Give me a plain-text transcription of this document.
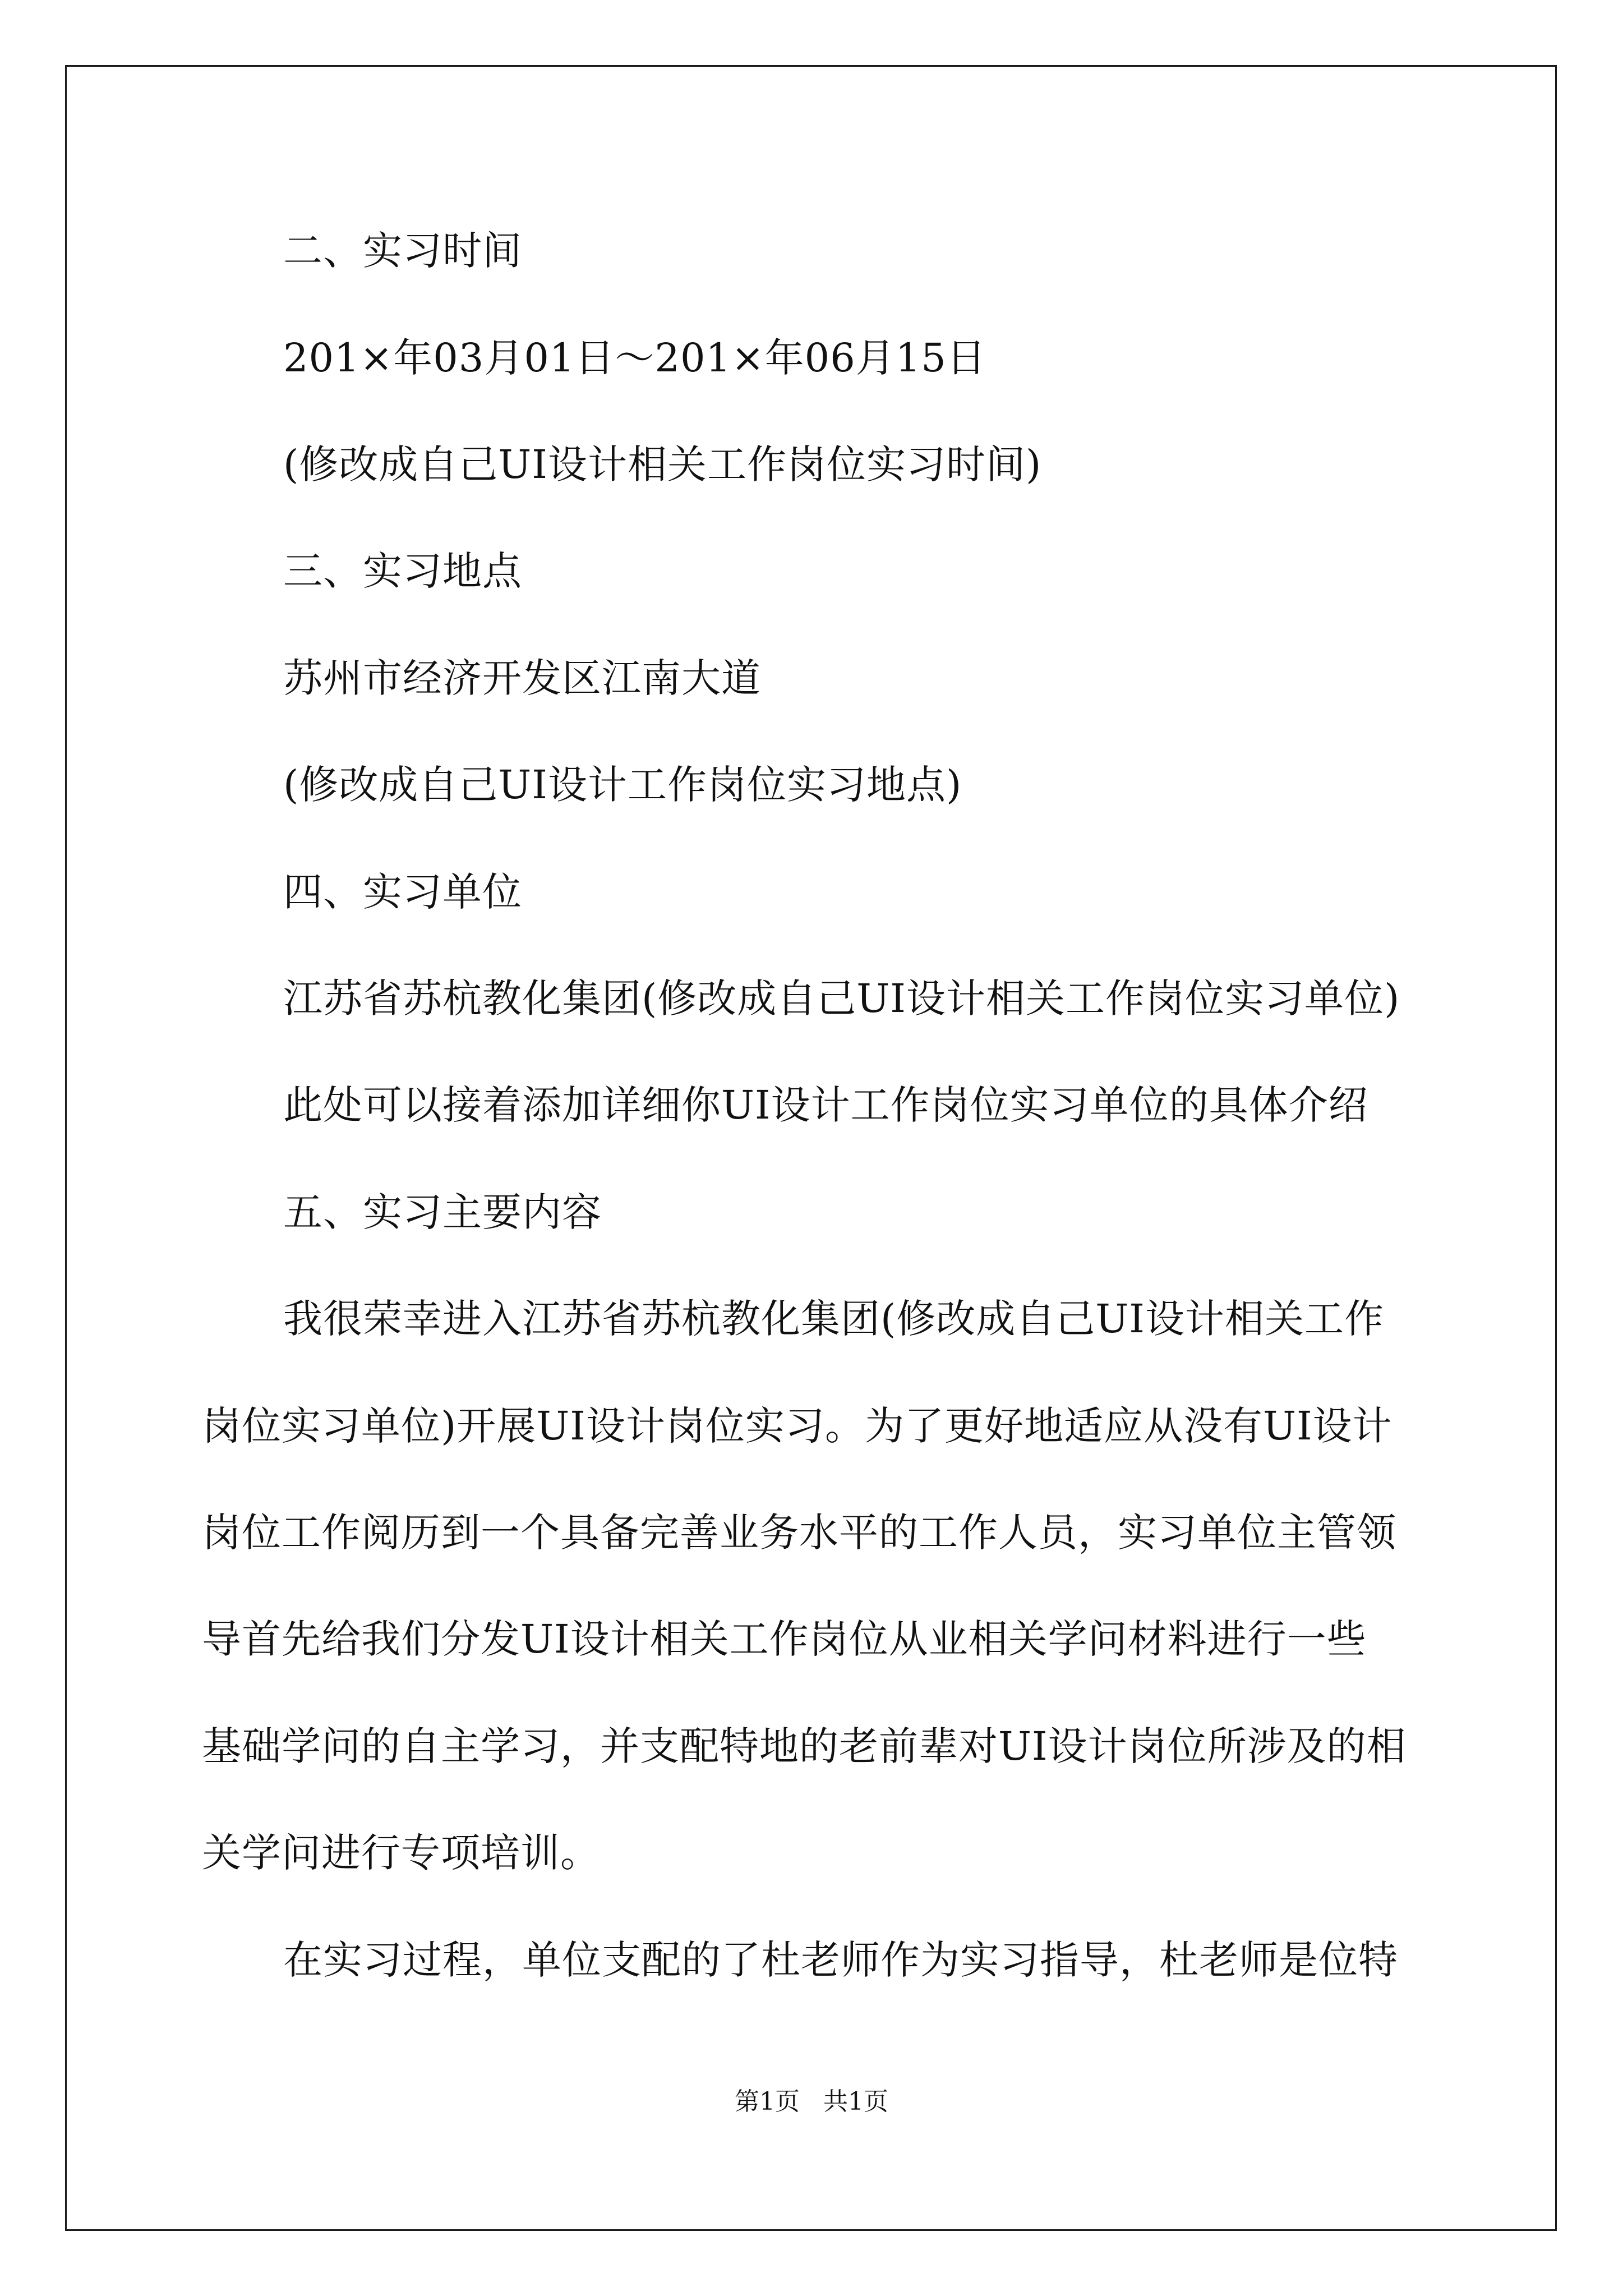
二、实习时间
201×年03月01日～201×年06月15日
(修改成自己UI设计相关工作岗位实习时间)
三、实习地点
苏州市经济开发区江南大道
(修改成自己UI设计工作岗位实习地点)
四、实习单位
江苏省苏杭教化集团(修改成自己UI设计相关工作岗位实习单位)
此处可以接着添加详细你UI设计工作岗位实习单位的具体介绍
五、实习主要内容
我很荣幸进入江苏省苏杭教化集团(修改成自己UI设计相关工作
岗位实习单位)开展UI设计岗位实习。为了更好地适应从没有UI设计
岗位工作阅历到一个具备完善业务水平的工作人员，实习单位主管领
导首先给我们分发UI设计相关工作岗位从业相关学问材料进行一些
基础学问的自主学习，并支配特地的老前辈对UI设计岗位所涉及的相
关学问进行专项培训。
在实习过程，单位支配的了杜老师作为实习指导，杜老师是位特
第1页   共1页
